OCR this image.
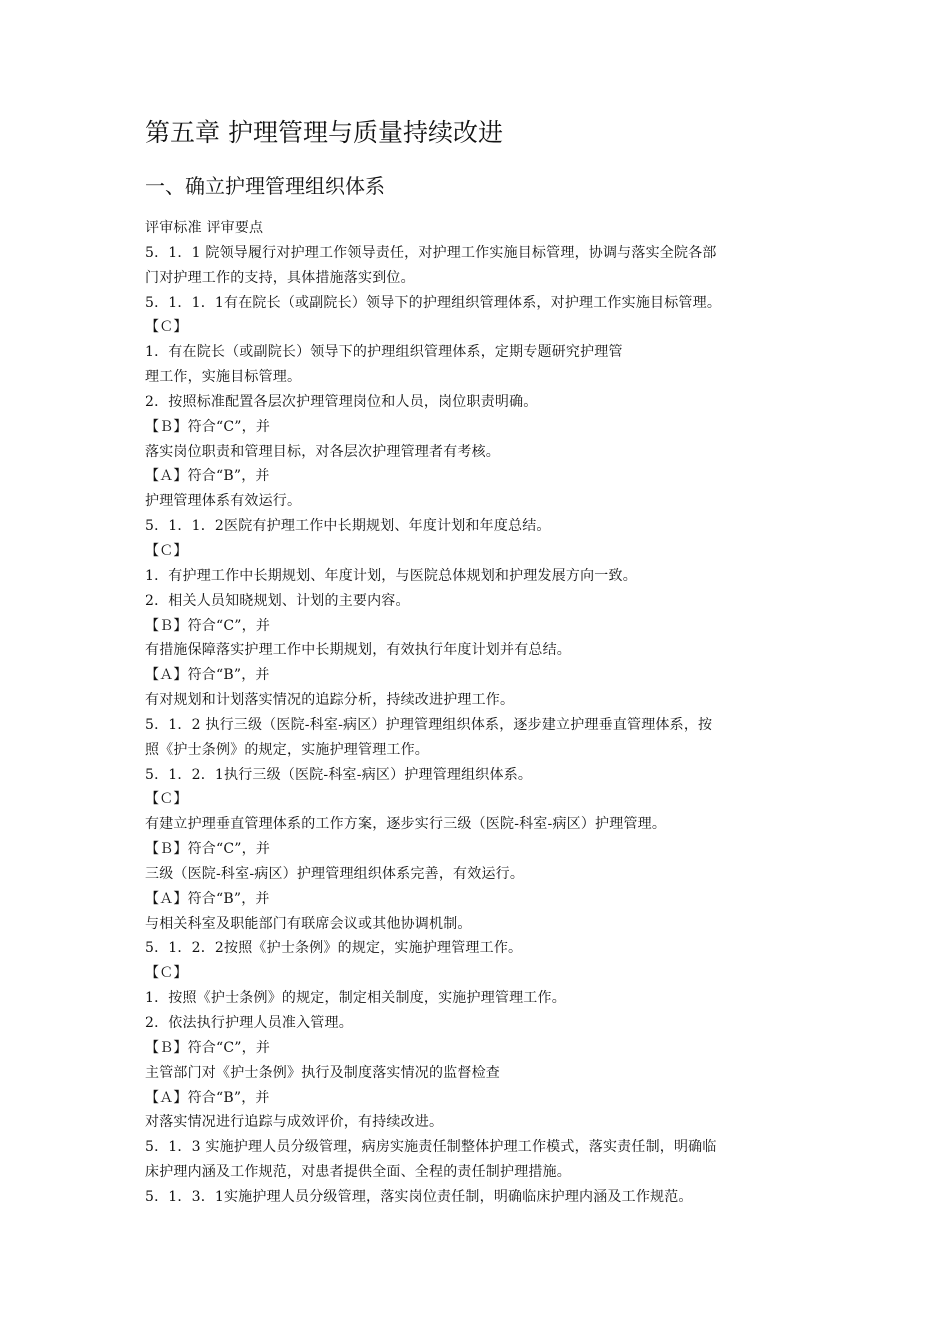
第五章 护理管理与质量持续改进
一、确立护理管理组织体系
评审标准 评审要点
5．1．1 院领导履行对护理工作领导责任，对护理工作实施目标管理，协调与落实全院各部
门对护理工作的支持，具体措施落实到位。
5．1．1．1有在院长（或副院长）领导下的护理组织管理体系，对护理工作实施目标管理。
【Ｃ】
1．有在院长（或副院长）领导下的护理组织管理体系，定期专题研究护理管
理工作，实施目标管理。
2．按照标准配置各层次护理管理岗位和人员，岗位职责明确。
【Ｂ】符合“C”，并
落实岗位职责和管理目标，对各层次护理管理者有考核。
【Ａ】符合“B”，并
护理管理体系有效运行。
5．1．1．2医院有护理工作中长期规划、年度计划和年度总结。
【Ｃ】
1．有护理工作中长期规划、年度计划，与医院总体规划和护理发展方向一致。
2．相关人员知晓规划、计划的主要内容。
【Ｂ】符合“C”，并
有措施保障落实护理工作中长期规划，有效执行年度计划并有总结。
【Ａ】符合“B”，并
有对规划和计划落实情况的追踪分析，持续改进护理工作。
5．1．2 执行三级（医院-科室-病区）护理管理组织体系，逐步建立护理垂直管理体系，按
照《护士条例》的规定，实施护理管理工作。
5．1．2．1执行三级（医院-科室-病区）护理管理组织体系。
【Ｃ】
有建立护理垂直管理体系的工作方案，逐步实行三级（医院-科室-病区）护理管理。
【Ｂ】符合“C”，并
三级（医院-科室-病区）护理管理组织体系完善，有效运行。
【Ａ】符合“B”，并
与相关科室及职能部门有联席会议或其他协调机制。
5．1．2．2按照《护士条例》的规定，实施护理管理工作。
【Ｃ】
1．按照《护士条例》的规定，制定相关制度，实施护理管理工作。
2．依法执行护理人员准入管理。
【Ｂ】符合“C”，并
主管部门对《护士条例》执行及制度落实情况的监督检查
【Ａ】符合“B”，并
对落实情况进行追踪与成效评价，有持续改进。
5．1．3 实施护理人员分级管理，病房实施责任制整体护理工作模式，落实责任制，明确临
床护理内涵及工作规范，对患者提供全面、全程的责任制护理措施。
5．1．3．1实施护理人员分级管理，落实岗位责任制，明确临床护理内涵及工作规范。
